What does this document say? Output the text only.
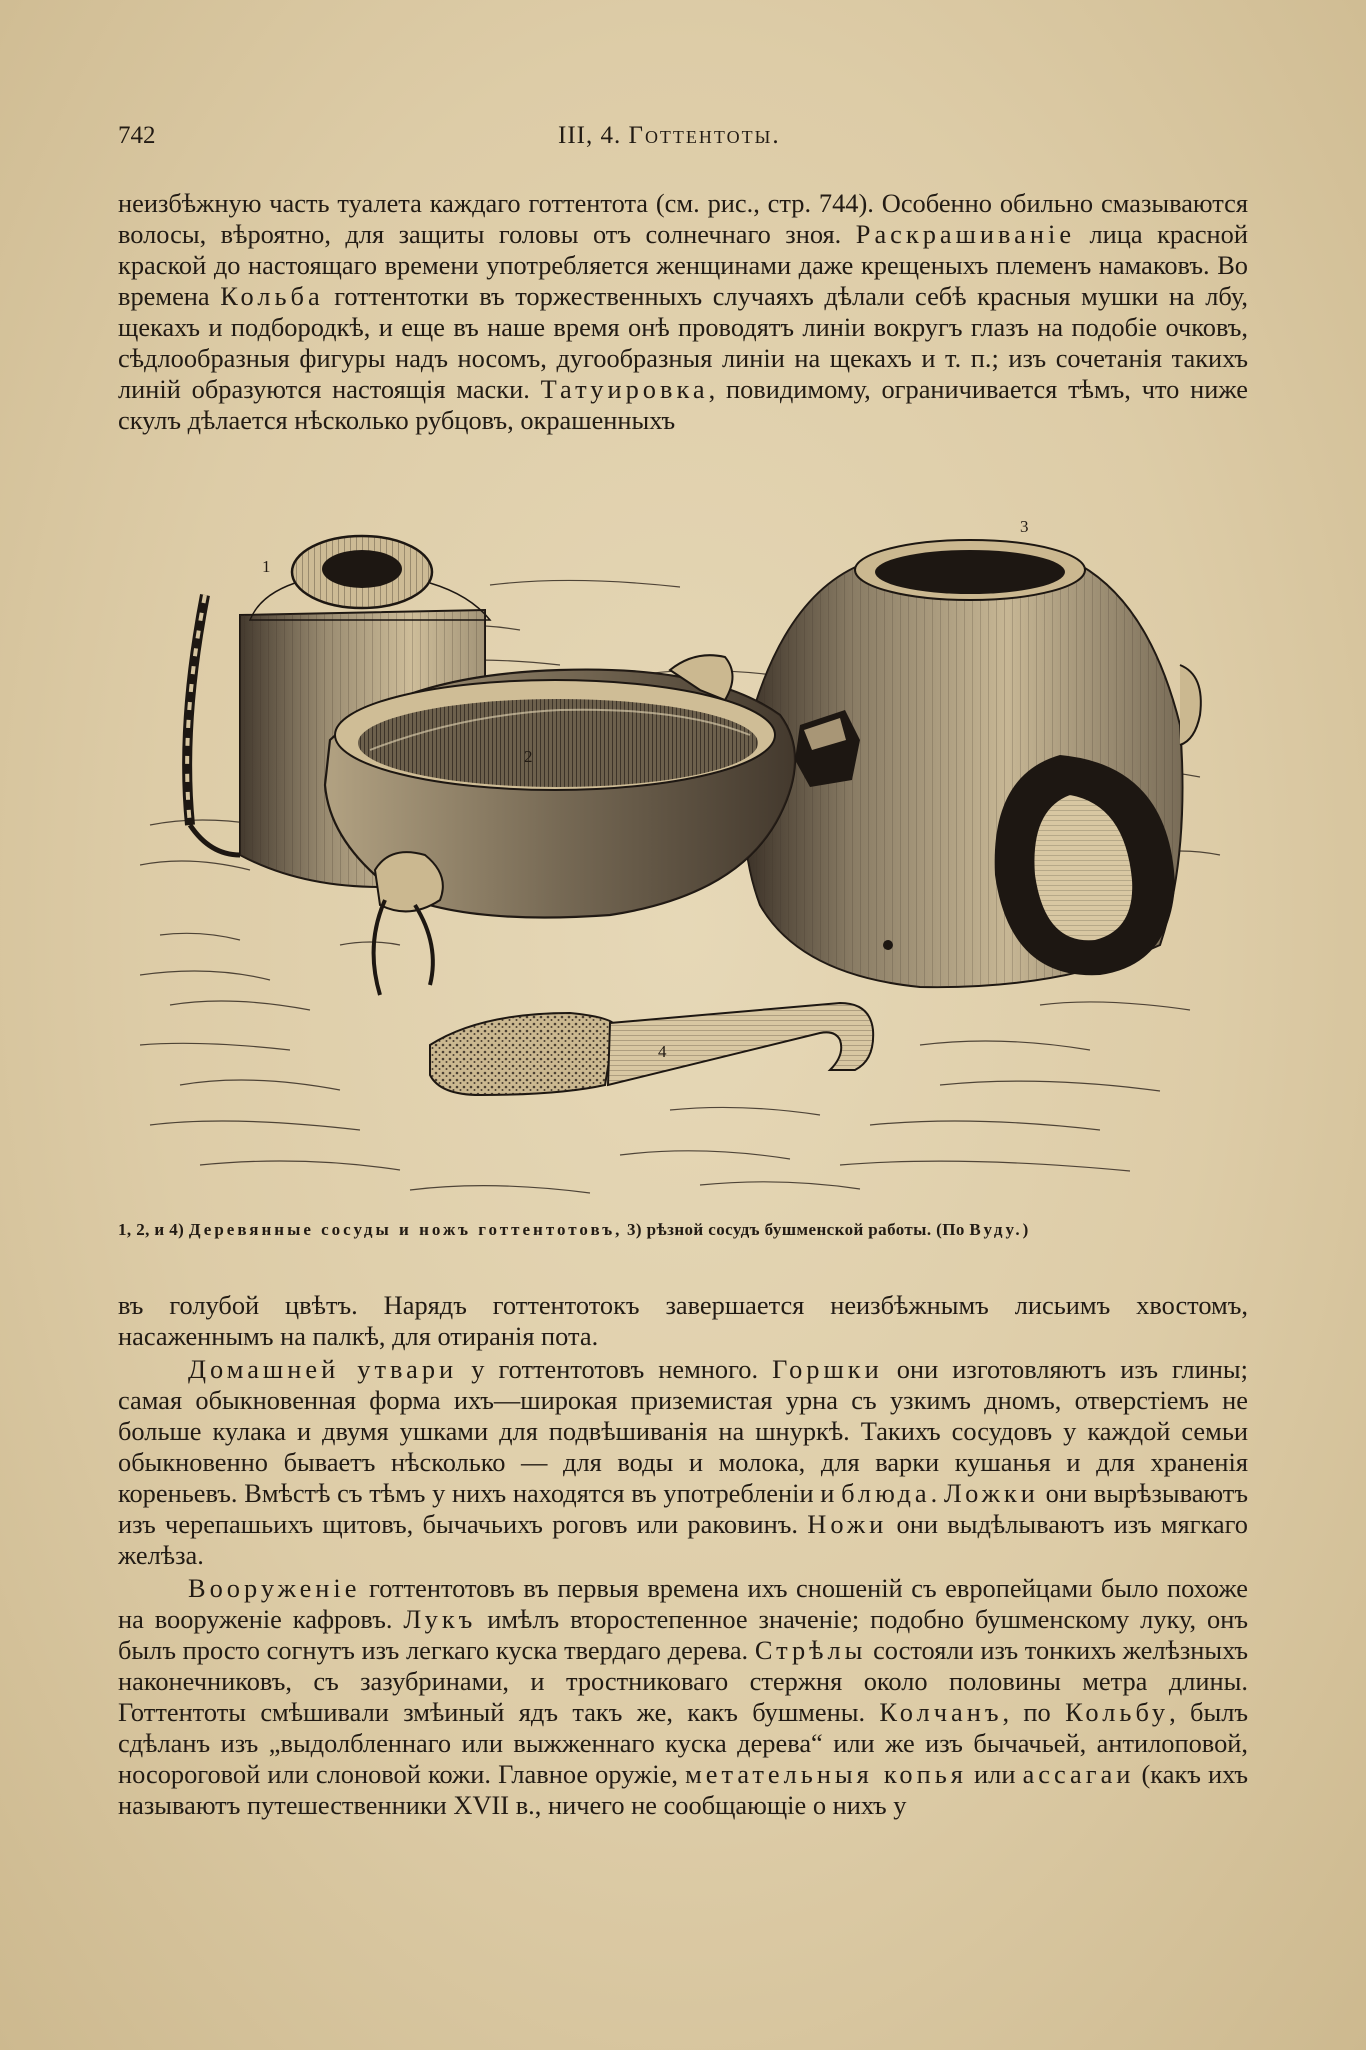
742	III, 4. Готтентоты.

неизбѣжную часть туалета каждаго готтентота (см. рис., стр. 744). Особенно обильно смазываются волосы, вѣроятно, для защиты головы отъ солнечнаго зноя. Раскрашиваніе лица красной краской до настоящаго времени употребляется женщинами даже крещеныхъ племенъ намаковъ. Во времена Кольба готтентотки въ торжественныхъ случаяхъ дѣлали себѣ красныя мушки на лбу, щекахъ и подбородкѣ, и еще въ наше время онѣ проводятъ линіи вокругъ глазъ на подобіе очковъ, сѣдлообразныя фигуры надъ носомъ, дугообразныя линіи на щекахъ и т. п.; изъ сочетанія такихъ линій образуются настоящія маски. Татуировка, повидимому, ограничивается тѣмъ, что ниже скулъ дѣлается нѣсколько рубцовъ, окрашенныхъ

1
2
3
4
1, 2, и 4) Деревянные сосуды и ножъ готтентотовъ, 3) рѣзной сосудъ бушменской работы. (По Вуду.)

въ голубой цвѣтъ. Нарядъ готтентотокъ завершается неизбѣжнымъ лисьимъ хвостомъ, насаженнымъ на палкѣ, для отиранія пота.

Домашней утвари у готтентотовъ немного. Горшки они изготовляютъ изъ глины; самая обыкновенная форма ихъ—широкая приземистая урна съ узкимъ дномъ, отверстіемъ не больше кулака и двумя ушками для подвѣшиванія на шнуркѣ. Такихъ сосудовъ у каждой семьи обыкновенно бываетъ нѣсколько — для воды и молока, для варки кушанья и для храненія кореньевъ. Вмѣстѣ съ тѣмъ у нихъ находятся въ употребленіи и блюда. Ложки они вырѣзываютъ изъ черепашьихъ щитовъ, бычачьихъ роговъ или раковинъ. Ножи они выдѣлываютъ изъ мягкаго желѣза.

Вооруженіе готтентотовъ въ первыя времена ихъ сношеній съ европейцами было похоже на вооруженіе кафровъ. Лукъ имѣлъ второстепенное значеніе; подобно бушменскому луку, онъ былъ просто согнутъ изъ легкаго куска твердаго дерева. Стрѣлы состояли изъ тонкихъ желѣзныхъ наконечниковъ, съ зазубринами, и тростниковаго стержня около половины метра длины. Готтентоты смѣшивали змѣиный ядъ такъ же, какъ бушмены. Колчанъ, по Кольбу, былъ сдѣланъ изъ „выдолбленнаго или выжженнаго куска дерева“ или же изъ бычачьей, антилоповой, носороговой или слоновой кожи. Главное оружіе, метательныя копья или ассагаи (какъ ихъ называютъ путешественники XVII в., ничего не сообщающіе о нихъ у
